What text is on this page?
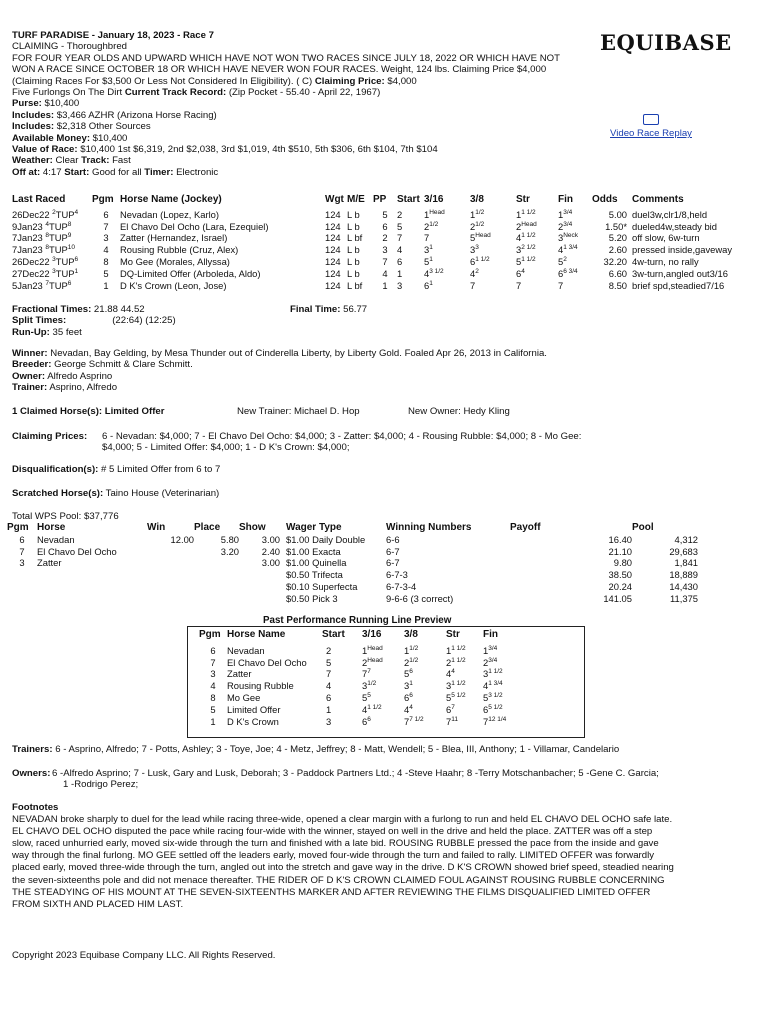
TURF PARADISE - January 18, 2023 - Race 7
CLAIMING - Thoroughbred
FOR FOUR YEAR OLDS AND UPWARD WHICH HAVE NOT WON TWO RACES SINCE JULY 18, 2022 OR WHICH HAVE NOT
WON A RACE SINCE OCTOBER 18 OR WHICH HAVE NEVER WON FOUR RACES. Weight, 124 lbs. Claiming Price $4,000
(Claiming Races For $3,500 Or Less Not Considered In Eligibility). ( C) Claiming Price: $4,000
Five Furlongs On The Dirt Current Track Record: (Zip Pocket - 55.40 - April 22, 1967)
Purse: $10,400
Includes: $3,466 AZHR (Arizona Horse Racing)
Includes: $2,318 Other Sources
Available Money: $10,400
Value of Race: $10,400 1st $6,319, 2nd $2,038, 3rd $1,019, 4th $510, 5th $306, 6th $104, 7th $104
Weather: Clear Track: Fast
Off at: 4:17 Start: Good for all Timer: Electronic
EQUIBASE
Video Race Replay
Last Raced	Pgm	Horse Name (Jockey)	Wgt	M/E	PP	Start	3/16	3/8	Str	Fin	Odds	Comments

26Dec22 $^2$TUP$^4$	6	Nevadan (Lopez, Karlo)	124	L b	5	2	$1^{Head}$	$1^{1/2}$	$1^{1 1/2}$	$1^{3/4}$	5.00	duel3w,clr1/8,held
9Jan23 $^4$TUP$^8$	7	El Chavo Del Ocho (Lara, Ezequiel)	124	L b	6	5	$2^{1/2}$	$2^{1/2}$	$2^{Head}$	$2^{3/4}$	1.50*	dueled4w,steady bid
7Jan23 $^8$TUP$^9$	3	Zatter (Hernandez, Israel)	124	L bf	2	7	7	$5^{Head}$	$4^{1 1/2}$	$3^{Neck}$	5.20	off slow, 6w-turn
7Jan23 $^8$TUP$^{10}$	4	Rousing Rubble (Cruz, Alex)	124	L b	3	4	$3^1$	$3^3$	$3^{2 1/2}$	$4^{1 3/4}$	2.60	pressed inside,gaveway
26Dec22 $^3$TUP$^6$	8	Mo Gee (Morales, Allyssa)	124	L b	7	6	$5^1$	$6^{1 1/2}$	$5^{1 1/2}$	$5^2$	32.20	4w-turn, no rally
27Dec22 $^3$TUP$^1$	5	DQ-Limited Offer (Arboleda, Aldo)	124	L b	4	1	$4^{3 1/2}$	$4^2$	$6^4$	$6^{6 3/4}$	6.60	3w-turn,angled out3/16
5Jan23 $^7$TUP$^6$	1	D K's Crown (Leon, Jose)	124	L bf	1	3	$6^1$	7	7	7	8.50	brief spd,steadied7/16
Fractional Times: 21.88 44.52
Split Times:	(22:64) (12:25)
Run-Up: 35 feet
Final Time: 56.77
Winner: Nevadan, Bay Gelding, by Mesa Thunder out of Cinderella Liberty, by Liberty Gold. Foaled Apr 26, 2013 in California.
Breeder: George Schmitt & Clare Schmitt.
Owner: Alfredo Asprino
Trainer: Asprino, Alfredo
1 Claimed Horse(s): Limited Offer	New Trainer: Michael D. Hop	New Owner: Hedy Kling
Claiming Prices: 6 - Nevadan: $4,000; 7 - El Chavo Del Ocho: $4,000; 3 - Zatter: $4,000; 4 - Rousing Rubble: $4,000; 8 - Mo Gee:
$4,000; 5 - Limited Offer: $4,000; 1 - D K's Crown: $4,000;
Disqualification(s): # 5 Limited Offer from 6 to 7
Scratched Horse(s): Taino House (Veterinarian)
Total WPS Pool: $37,776
Pgm	Horse	Win	Place	Show
6	Nevadan	12.00	5.80	3.00
7	El Chavo Del Ocho		3.20	2.40
3	Zatter			3.00
Wager Type	Winning Numbers	Payoff	Pool
$1.00 Daily Double	6-6	16.40	4,312
$1.00 Exacta	6-7	21.10	29,683
$1.00 Quinella	6-7	9.80	1,841
$0.50 Trifecta	6-7-3	38.50	18,889
$0.10 Superfecta	6-7-3-4	20.24	14,430
$0.50 Pick 3	9-6-6 (3 correct)	141.05	11,375
Past Performance Running Line Preview
Pgm	Horse Name	Start	3/16	3/8	Str	Fin

6	Nevadan	2	$1^{Head}$	$1^{1/2}$	$1^{1 1/2}$	$1^{3/4}$
7	El Chavo Del Ocho	5	$2^{Head}$	$2^{1/2}$	$2^{1 1/2}$	$2^{3/4}$
3	Zatter	7	$7^7$	$5^6$	$4^4$	$3^{1 1/2}$
4	Rousing Rubble	4	$3^{1/2}$	$3^1$	$3^{1 1/2}$	$4^{1 3/4}$
8	Mo Gee	6	$5^5$	$6^6$	$5^{5 1/2}$	$5^{3 1/2}$
5	Limited Offer	1	$4^{1 1/2}$	$4^4$	$6^7$	$6^{5 1/2}$
1	D K's Crown	3	$6^6$	$7^{7 1/2}$	$7^{11}$	$7^{12 1/4}$
Trainers: 6 - Asprino, Alfredo; 7 - Potts, Ashley; 3 - Toye, Joe; 4 - Metz, Jeffrey; 8 - Matt, Wendell; 5 - Blea, III, Anthony; 1 - Villamar, Candelario
Owners: 6 -Alfredo Asprino; 7 - Lusk, Gary and Lusk, Deborah; 3 - Paddock Partners Ltd.; 4 -Steve Haahr; 8 -Terry Motschanbacher; 5 -Gene C. Garcia;
1 -Rodrigo Perez;
Footnotes
NEVADAN broke sharply to duel for the lead while racing three-wide, opened a clear margin with a furlong to run and held EL CHAVO DEL OCHO safe late.
EL CHAVO DEL OCHO disputed the pace while racing four-wide with the winner, stayed on well in the drive and held the place. ZATTER was off a step
slow, raced unhurried early, moved six-wide through the turn and finished with a late bid. ROUSING RUBBLE pressed the pace from the inside and gave
way through the final furlong. MO GEE settled off the leaders early, moved four-wide through the turn and failed to rally. LIMITED OFFER was forwardly
placed early, moved three-wide through the turn, angled out into the stretch and gave way in the drive. D K'S CROWN showed brief speed, steadied nearing
the seven-sixteenths pole and did not menace thereafter. THE RIDER OF D K'S CROWN CLAIMED FOUL AGAINST ROUSING RUBBLE CONCERNING
THE STEADYING OF HIS MOUNT AT THE SEVEN-SIXTEENTHS MARKER AND AFTER REVIEWING THE FILMS DISQUALIFIED LIMITED OFFER
FROM SIXTH AND PLACED HIM LAST.
Copyright 2023 Equibase Company LLC. All Rights Reserved.
